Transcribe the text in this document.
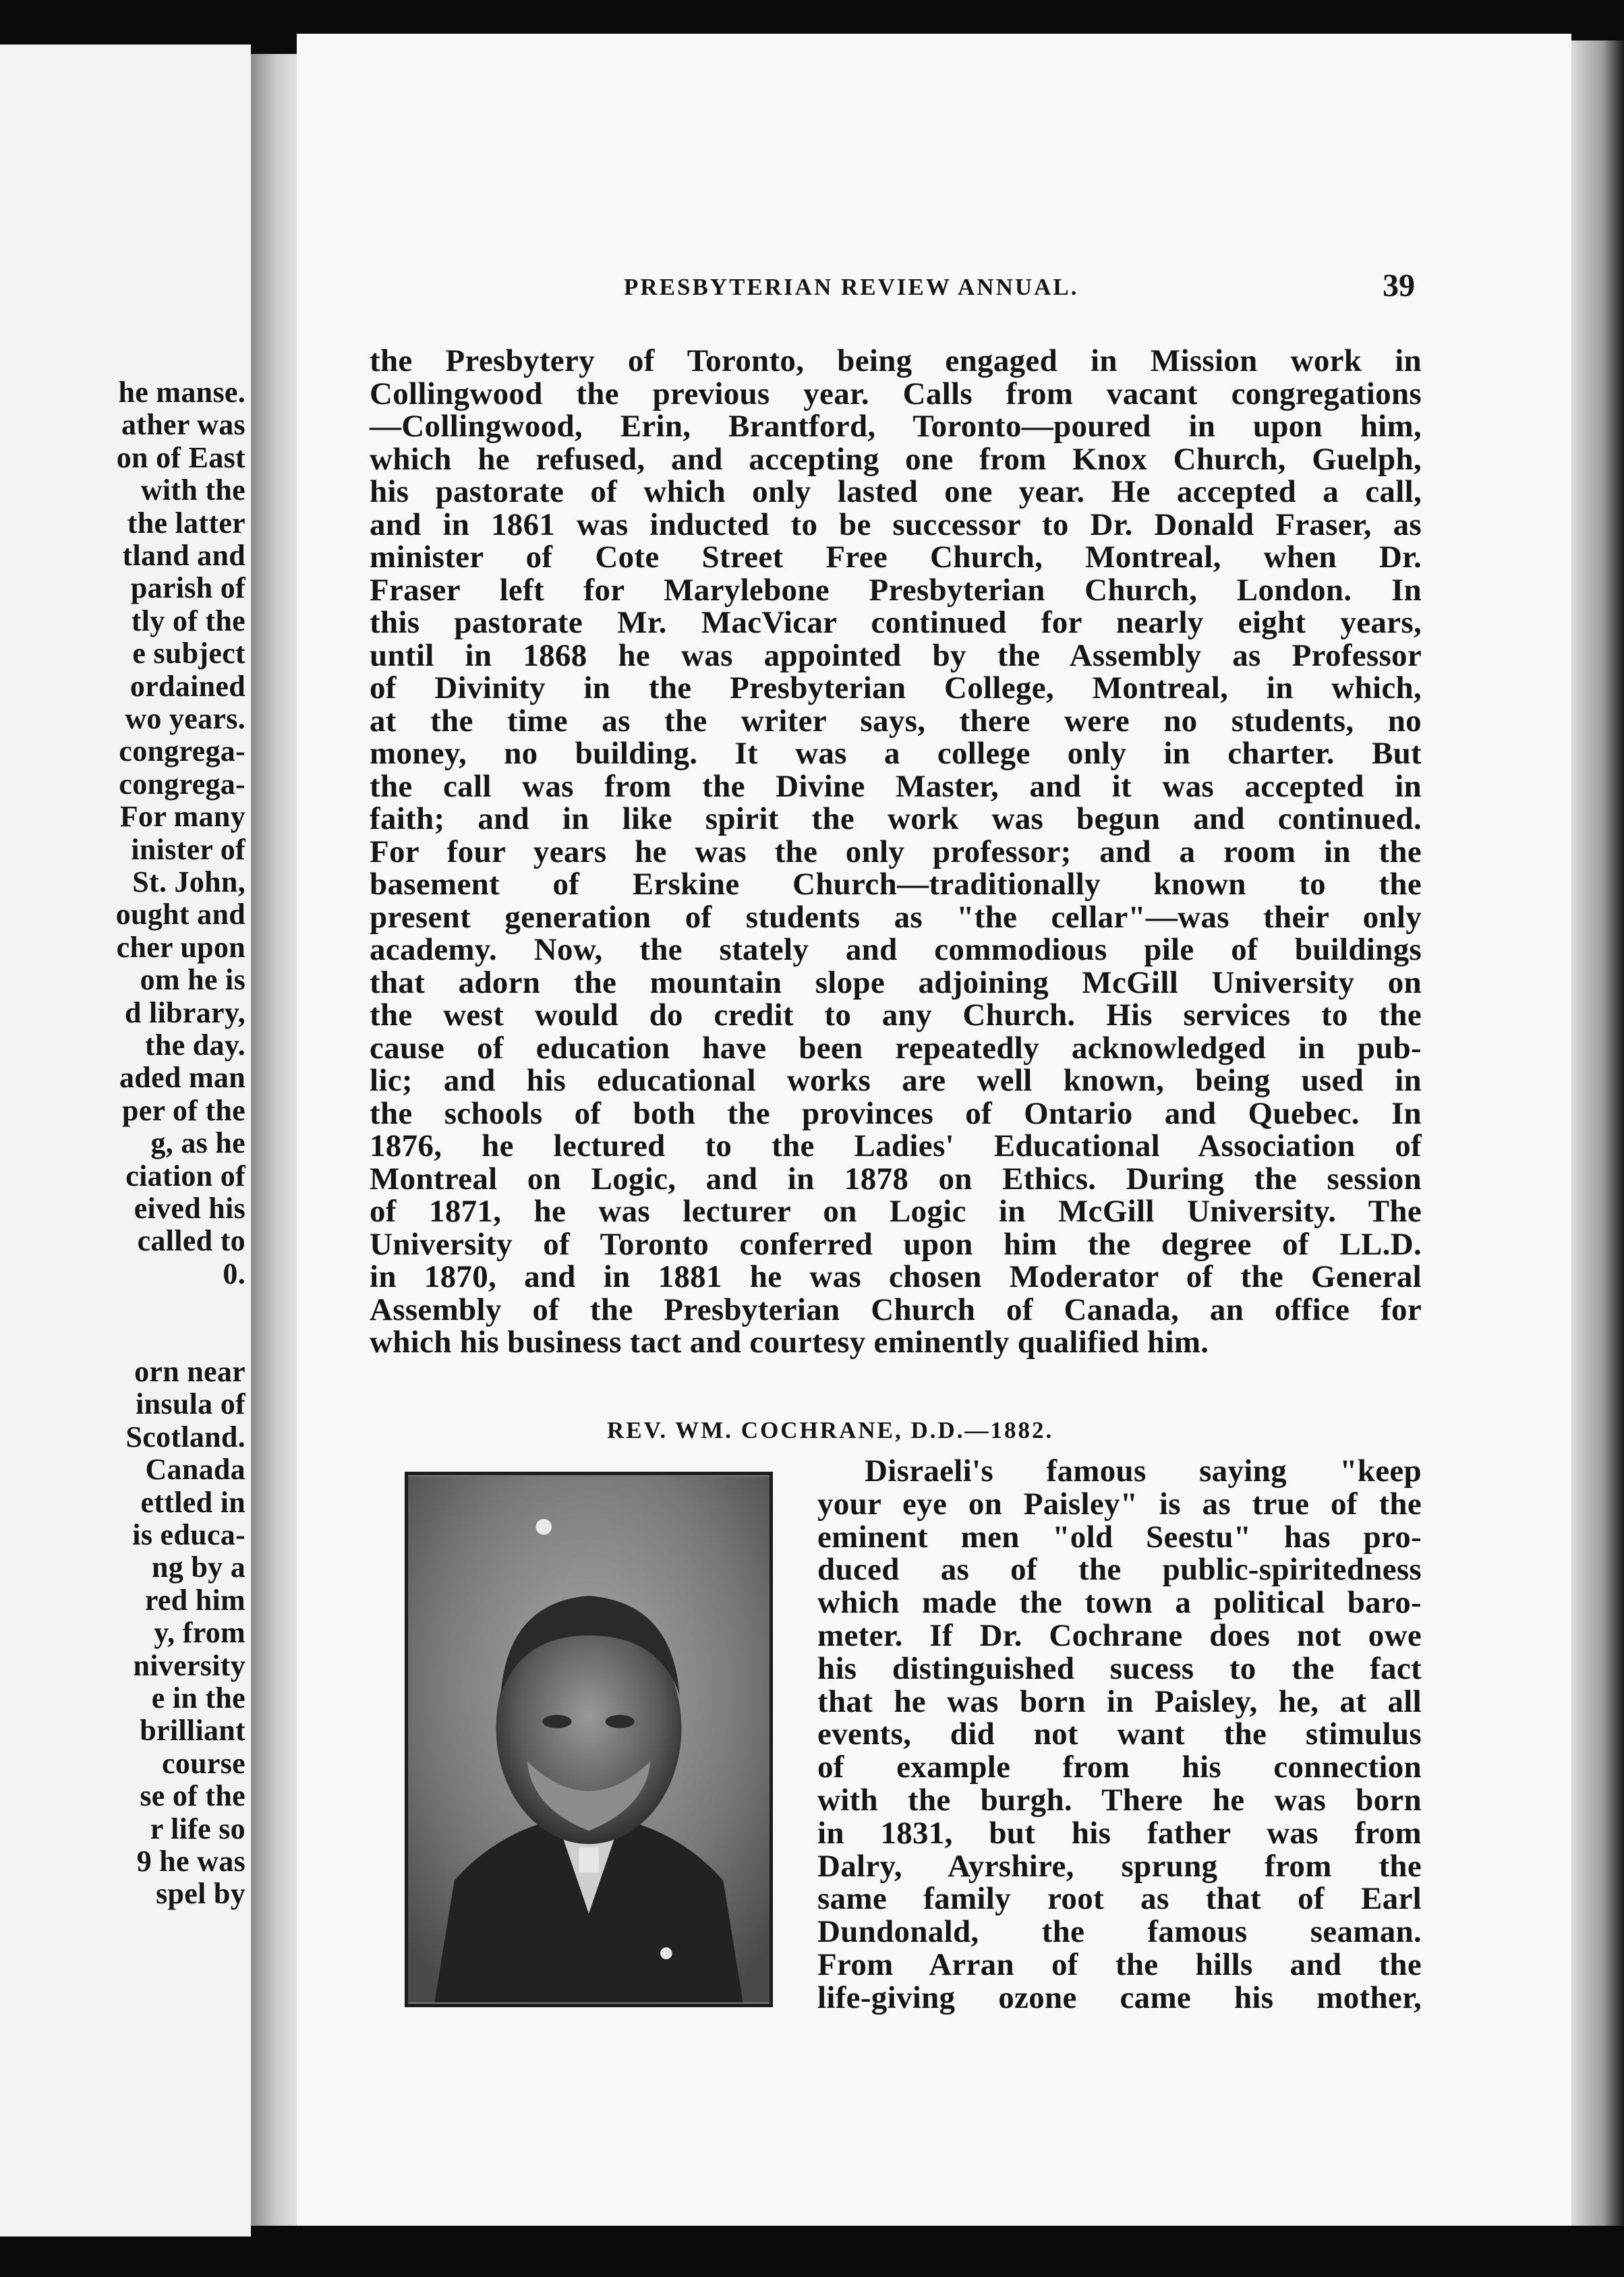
he manse.
ather was
on of East
with the
the latter
tland and
parish of
tly of the
e subject
ordained
wo years.
congrega-
congrega-
For many
inister of
St. John,
ought and
cher upon
om he is
d library,
the day.
aded man
per of the
g, as he
ciation of
eived his
called to
0.
orn near
insula of
Scotland.
Canada
ettled in
is educa-
ng by a
red him
y, from
niversity
e in the
brilliant
course
se of the
r life so
9 he was
spel by
PRESBYTERIAN REVIEW ANNUAL.	39
the Presbytery of Toronto, being engaged in Mission work in
Collingwood the previous year. Calls from vacant congregations
—Collingwood, Erin, Brantford, Toronto—poured in upon him,
which he refused, and accepting one from Knox Church, Guelph,
his pastorate of which only lasted one year. He accepted a call,
and in 1861 was inducted to be successor to Dr. Donald Fraser, as
minister of Cote Street Free Church, Montreal, when Dr.
Fraser left for Marylebone Presbyterian Church, London. In
this pastorate Mr. MacVicar continued for nearly eight years,
until in 1868 he was appointed by the Assembly as Professor
of Divinity in the Presbyterian College, Montreal, in which,
at the time as the writer says, there were no students, no
money, no building. It was a college only in charter. But
the call was from the Divine Master, and it was accepted in
faith; and in like spirit the work was begun and continued.
For four years he was the only professor; and a room in the
basement of Erskine Church—traditionally known to the
present generation of students as "the cellar"—was their only
academy. Now, the stately and commodious pile of buildings
that adorn the mountain slope adjoining McGill University on
the west would do credit to any Church. His services to the
cause of education have been repeatedly acknowledged in pub-
lic; and his educational works are well known, being used in
the schools of both the provinces of Ontario and Quebec. In
1876, he lectured to the Ladies' Educational Association of
Montreal on Logic, and in 1878 on Ethics. During the session
of 1871, he was lecturer on Logic in McGill University. The
University of Toronto conferred upon him the degree of LL.D.
in 1870, and in 1881 he was chosen Moderator of the General
Assembly of the Presbyterian Church of Canada, an office for
which his business tact and courtesy eminently qualified him.
REV. WM. COCHRANE, D.D.—1882.
Disraeli's famous saying "keep
your eye on Paisley" is as true of the
eminent men "old Seestu" has pro-
duced as of the public-spiritedness
which made the town a political baro-
meter. If Dr. Cochrane does not owe
his distinguished sucess to the fact
that he was born in Paisley, he, at all
events, did not want the stimulus
of example from his connection
with the burgh. There he was born
in 1831, but his father was from
Dalry, Ayrshire, sprung from the
same family root as that of Earl
Dundonald, the famous seaman.
From Arran of the hills and the
life-giving ozone came his mother,
